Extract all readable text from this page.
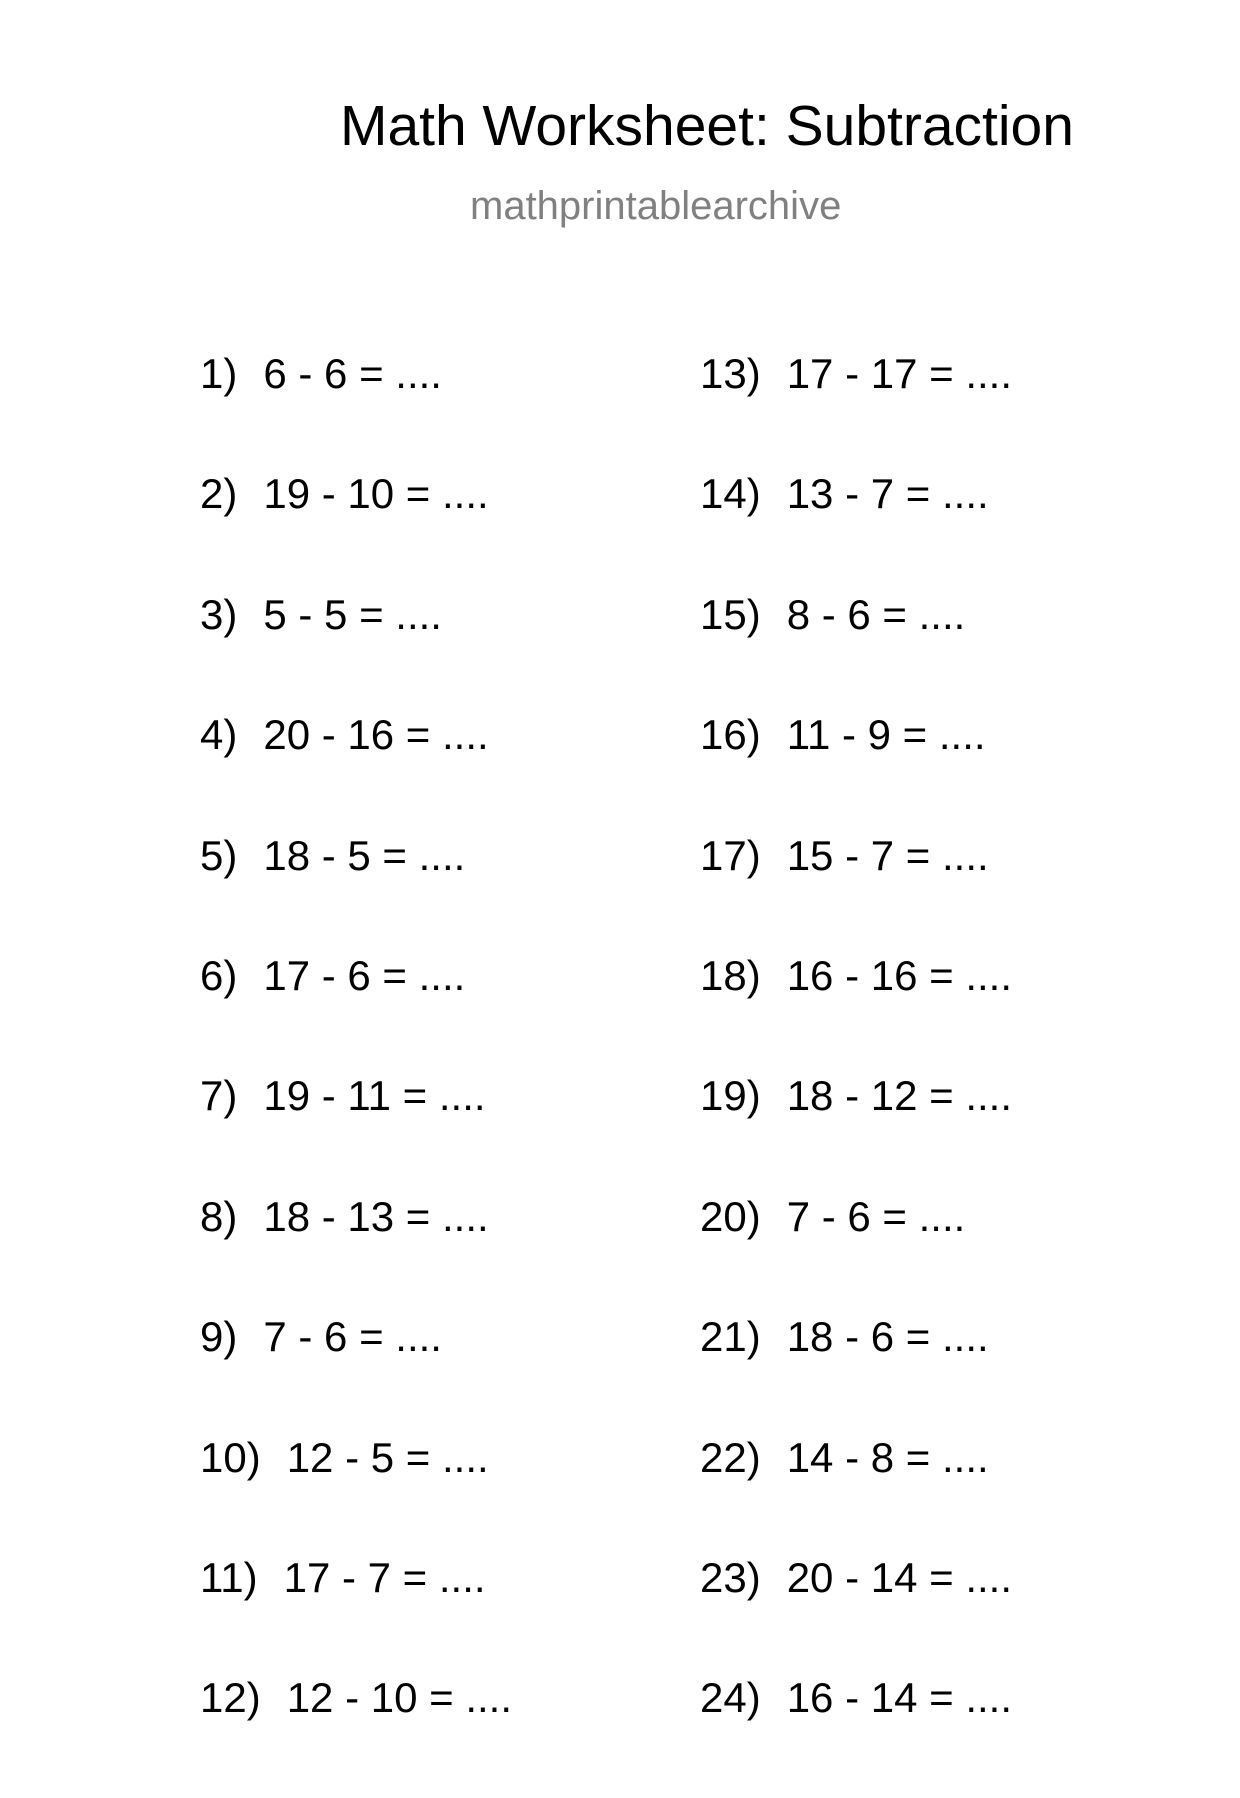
Math Worksheet: Subtraction
mathprintablearchive
1) 6 - 6 = ....
2) 19 - 10 = ....
3) 5 - 5 = ....
4) 20 - 16 = ....
5) 18 - 5 = ....
6) 17 - 6 = ....
7) 19 - 11 = ....
8) 18 - 13 = ....
9) 7 - 6 = ....
10) 12 - 5 = ....
11) 17 - 7 = ....
12) 12 - 10 = ....
13) 17 - 17 = ....
14) 13 - 7 = ....
15) 8 - 6 = ....
16) 11 - 9 = ....
17) 15 - 7 = ....
18) 16 - 16 = ....
19) 18 - 12 = ....
20) 7 - 6 = ....
21) 18 - 6 = ....
22) 14 - 8 = ....
23) 20 - 14 = ....
24) 16 - 14 = ....
